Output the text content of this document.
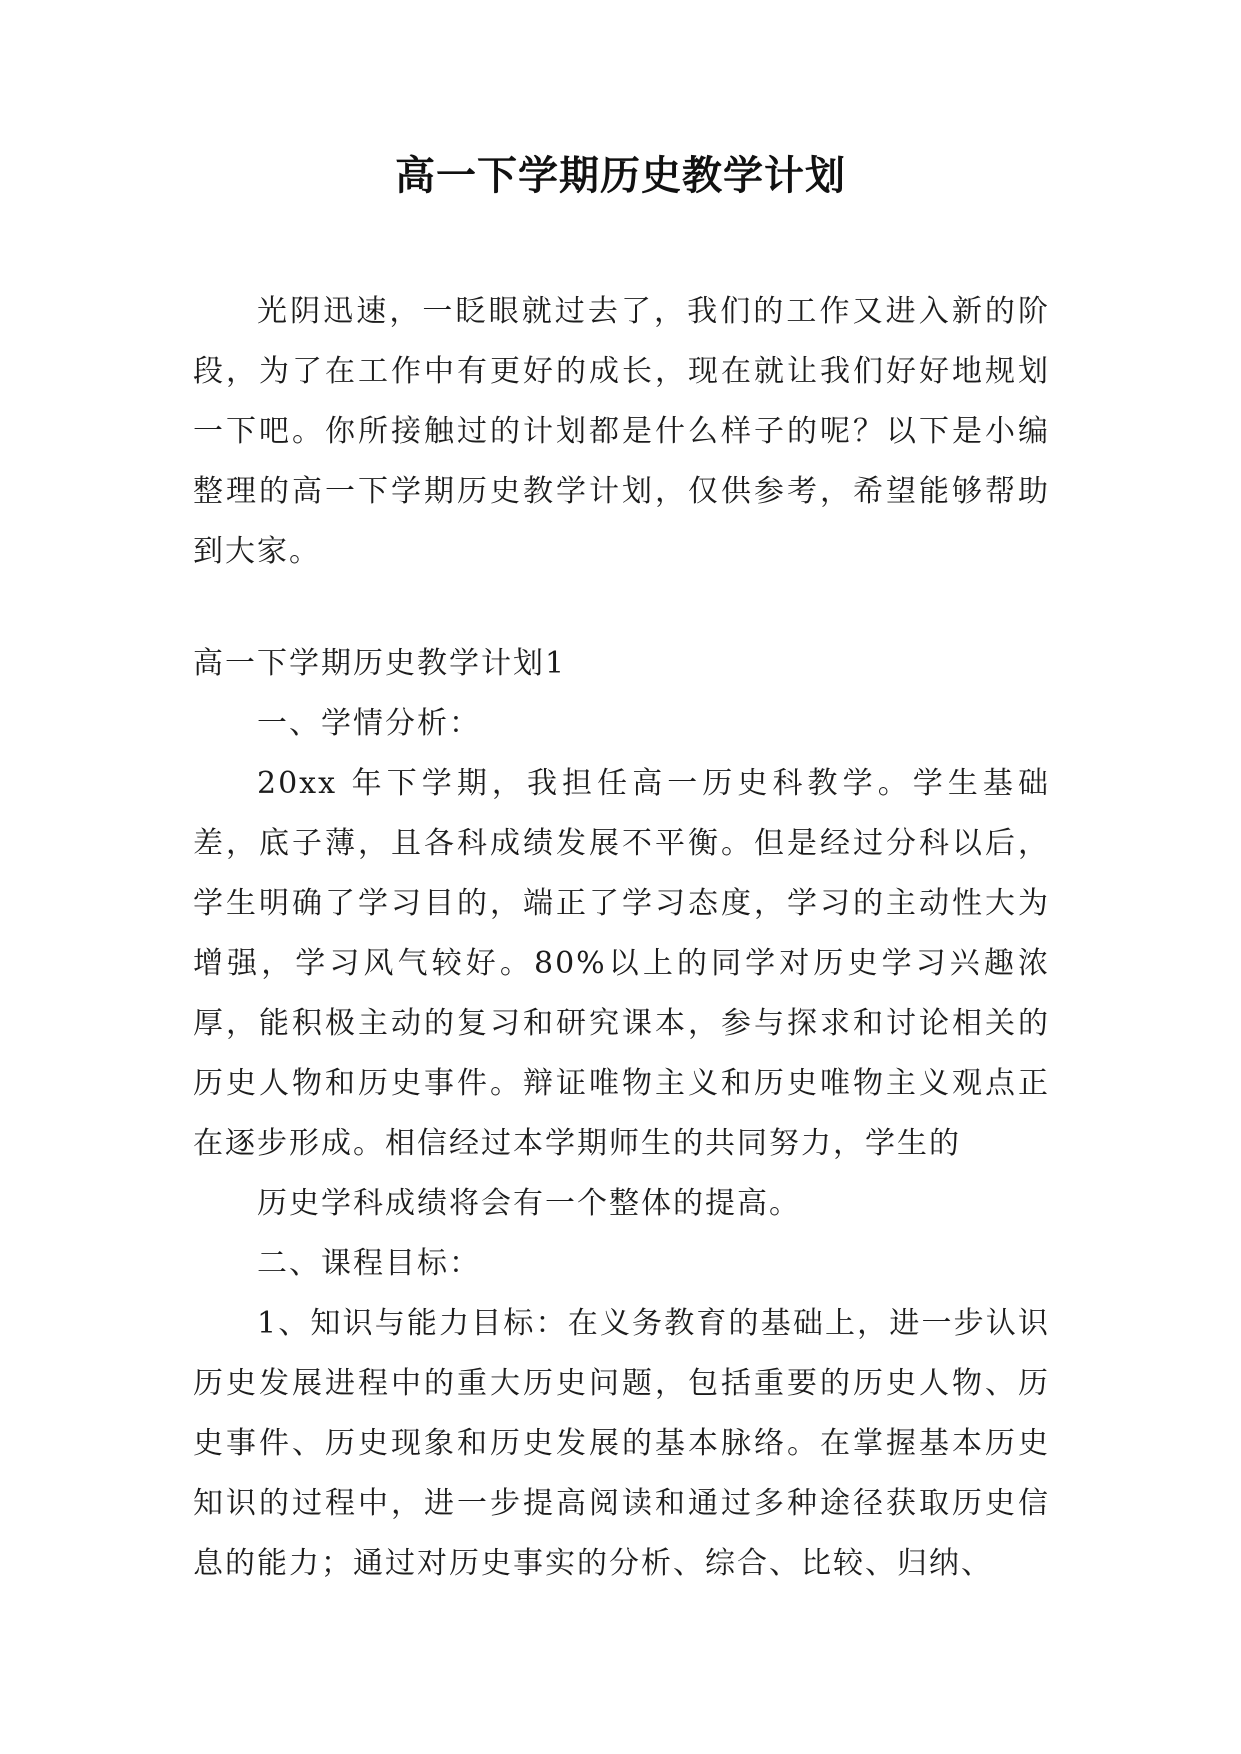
高一下学期历史教学计划

光阴迅速，一眨眼就过去了，我们的工作又进入新的阶段，为了在工作中有更好的成长，现在就让我们好好地规划一下吧。你所接触过的计划都是什么样子的呢？以下是小编整理的高一下学期历史教学计划，仅供参考，希望能够帮助到大家。

高一下学期历史教学计划1

一、学情分析：

20xx 年下学期，我担任高一历史科教学。学生基础差，底子薄，且各科成绩发展不平衡。但是经过分科以后，学生明确了学习目的，端正了学习态度，学习的主动性大为增强，学习风气较好。80%以上的同学对历史学习兴趣浓厚，能积极主动的复习和研究课本，参与探求和讨论相关的历史人物和历史事件。辩证唯物主义和历史唯物主义观点正在逐步形成。相信经过本学期师生的共同努力，学生的

历史学科成绩将会有一个整体的提高。

二、课程目标：

1、知识与能力目标：在义务教育的基础上，进一步认识历史发展进程中的重大历史问题，包括重要的历史人物、历史事件、历史现象和历史发展的基本脉络。在掌握基本历史知识的过程中，进一步提高阅读和通过多种途径获取历史信息的能力；通过对历史事实的分析、综合、比较、归纳、
